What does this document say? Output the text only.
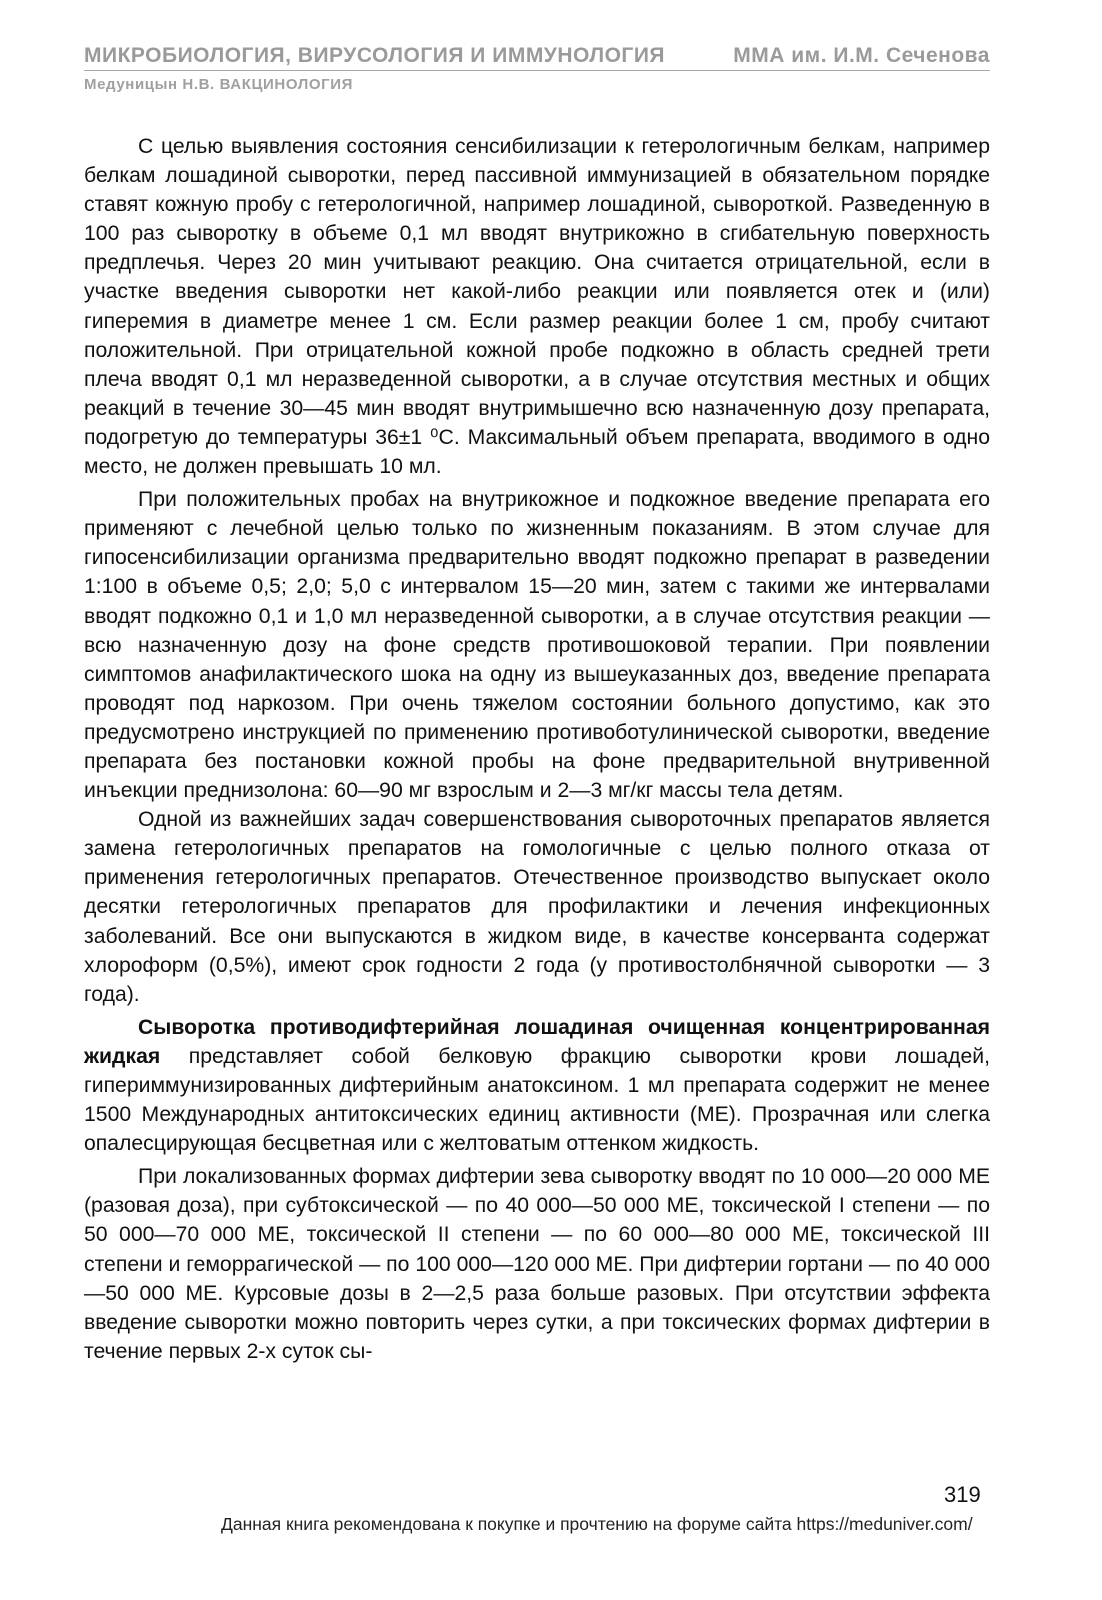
МИКРОБИОЛОГИЯ, ВИРУСОЛОГИЯ И ИММУНОЛОГИЯ	ММА им. И.М. Сеченова
Медуницын Н.В. ВАКЦИНОЛОГИЯ

С целью выявления состояния сенсибилизации к гетерологичным белкам, например белкам лошадиной сыворотки, перед пассивной иммунизацией в обязательном порядке ставят кожную пробу с гетерологичной, например лошадиной, сывороткой. Разведенную в 100 раз сыворотку в объеме 0,1 мл вводят внутрикожно в сгибательную поверхность предплечья. Через 20 мин учитывают реакцию. Она считается отрицательной, если в участке введения сыворотки нет какой-либо реакции или появляется отек и (или) гиперемия в диаметре менее 1 см. Если размер реакции более 1 см, пробу считают положительной. При отрицательной кожной пробе подкожно в область средней трети плеча вводят 0,1 мл неразведенной сыворотки, а в случае отсутствия местных и общих реакций в течение 30—45 мин вводят внутримышечно всю назначенную дозу препарата, подогретую до температуры 36±1 ⁰С. Максимальный объем препарата, вводимого в одно место, не должен превышать 10 мл.

При положительных пробах на внутрикожное и подкожное введение препарата его применяют с лечебной целью только по жизненным показаниям. В этом случае для гипосенсибилизации организма предварительно вводят подкожно препарат в разведении 1:100 в объеме 0,5; 2,0; 5,0 с интервалом 15—20 мин, затем с такими же интервалами вводят подкожно 0,1 и 1,0 мл неразведенной сыворотки, а в случае отсутствия реакции — всю назначенную дозу на фоне средств противошоковой терапии. При появлении симптомов анафилактического шока на одну из вышеуказанных доз, введение препарата проводят под наркозом. При очень тяжелом состоянии больного допустимо, как это предусмотрено инструкцией по применению противоботулинической сыворотки, введение препарата без постановки кожной пробы на фоне предварительной внутривенной инъекции преднизолона: 60—90 мг взрослым и 2—3 мг/кг массы тела детям.

Одной из важнейших задач совершенствования сывороточных препаратов является замена гетерологичных препаратов на гомологичные с целью полного отказа от применения гетерологичных препаратов. Отечественное производство выпускает около десятки гетерологичных препаратов для профилактики и лечения инфекционных заболеваний. Все они выпускаются в жидком виде, в качестве консерванта содержат хлороформ (0,5%), имеют срок годности 2 года (у противостолбнячной сыворотки — 3 года).

Сыворотка противодифтерийная лошадиная очищенная концентрированная жидкая представляет собой белковую фракцию сыворотки крови лошадей, гипериммунизированных дифтерийным анатоксином. 1 мл препарата содержит не менее 1500 Международных антитоксических единиц активности (МЕ). Прозрачная или слегка опалесцирующая бесцветная или с желтоватым оттенком жидкость.

При локализованных формах дифтерии зева сыворотку вводят по 10 000—20 000 МЕ (разовая доза), при субтоксической — по 40 000—50 000 МЕ, токсической I степени — по 50 000—70 000 МЕ, токсической II степени — по 60 000—80 000 МЕ, токсической III степени и геморрагической — по 100 000—120 000 МЕ. При дифтерии гортани — по 40 000—50 000 МЕ. Курсовые дозы в 2—2,5 раза больше разовых. При отсутствии эффекта введение сыворотки можно повторить через сутки, а при токсических формах дифтерии в течение первых 2-х суток сы-

319
Данная книга рекомендована к покупке и прочтению на форуме сайта https://meduniver.com/
